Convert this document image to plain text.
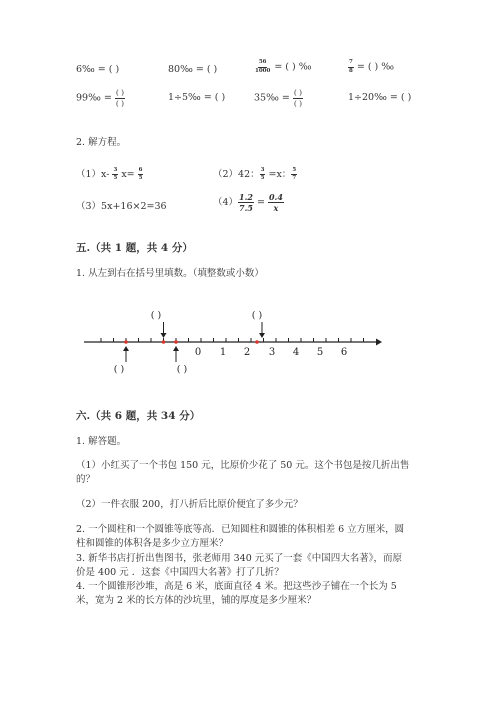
6‰ = ( )	80‰ = ( )	$\frac{56}{1000}$ = ( ) ‰	$\frac{7}{8}$ = ( ) ‰
99‰ = $\frac{( )}{( )}$	1÷5‰ = ( )	35‰ = $\frac{( )}{( )}$	1÷20‰ = ( )
2. 解方程。
$(1)x- \frac{3}{5} x= \frac{6}{5}$	（2）42： $\frac{3}{5} =x$： $\frac{5}{7}$
（3）5x+16×2=36	$(4) \frac{1.2}{7.5} = \frac{0.4}{x}$
五.（共 1 题，共 4 分）
1. 从左到右在括号里填数。（填整数或小数）
0 1 2 3 4 5 6
( )	( )
( )	( )
六.（共 6 题，共 34 分）
1. 解答题。
（1）小红买了一个书包 150 元，比原价少花了 50 元。这个书包是按几折出售
的？
（2）一件衣服 200，打八折后比原价便宜了多少元？
2. 一个圆柱和一个圆锥等底等高．已知圆柱和圆锥的体积相差 6 立方厘米，圆
柱和圆锥的体积各是多少立方厘米？
3. 新华书店打折出售图书，张老师用 340 元买了一套《中国四大名著》，而原
价是 400 元 ．这套《中国四大名著》打了几折？
4. 一个圆锥形沙堆，高是 6 米，底面直径 4 米。把这些沙子铺在一个长为 5
米，宽为 2 米的长方体的沙坑里，铺的厚度是多少厘米？
